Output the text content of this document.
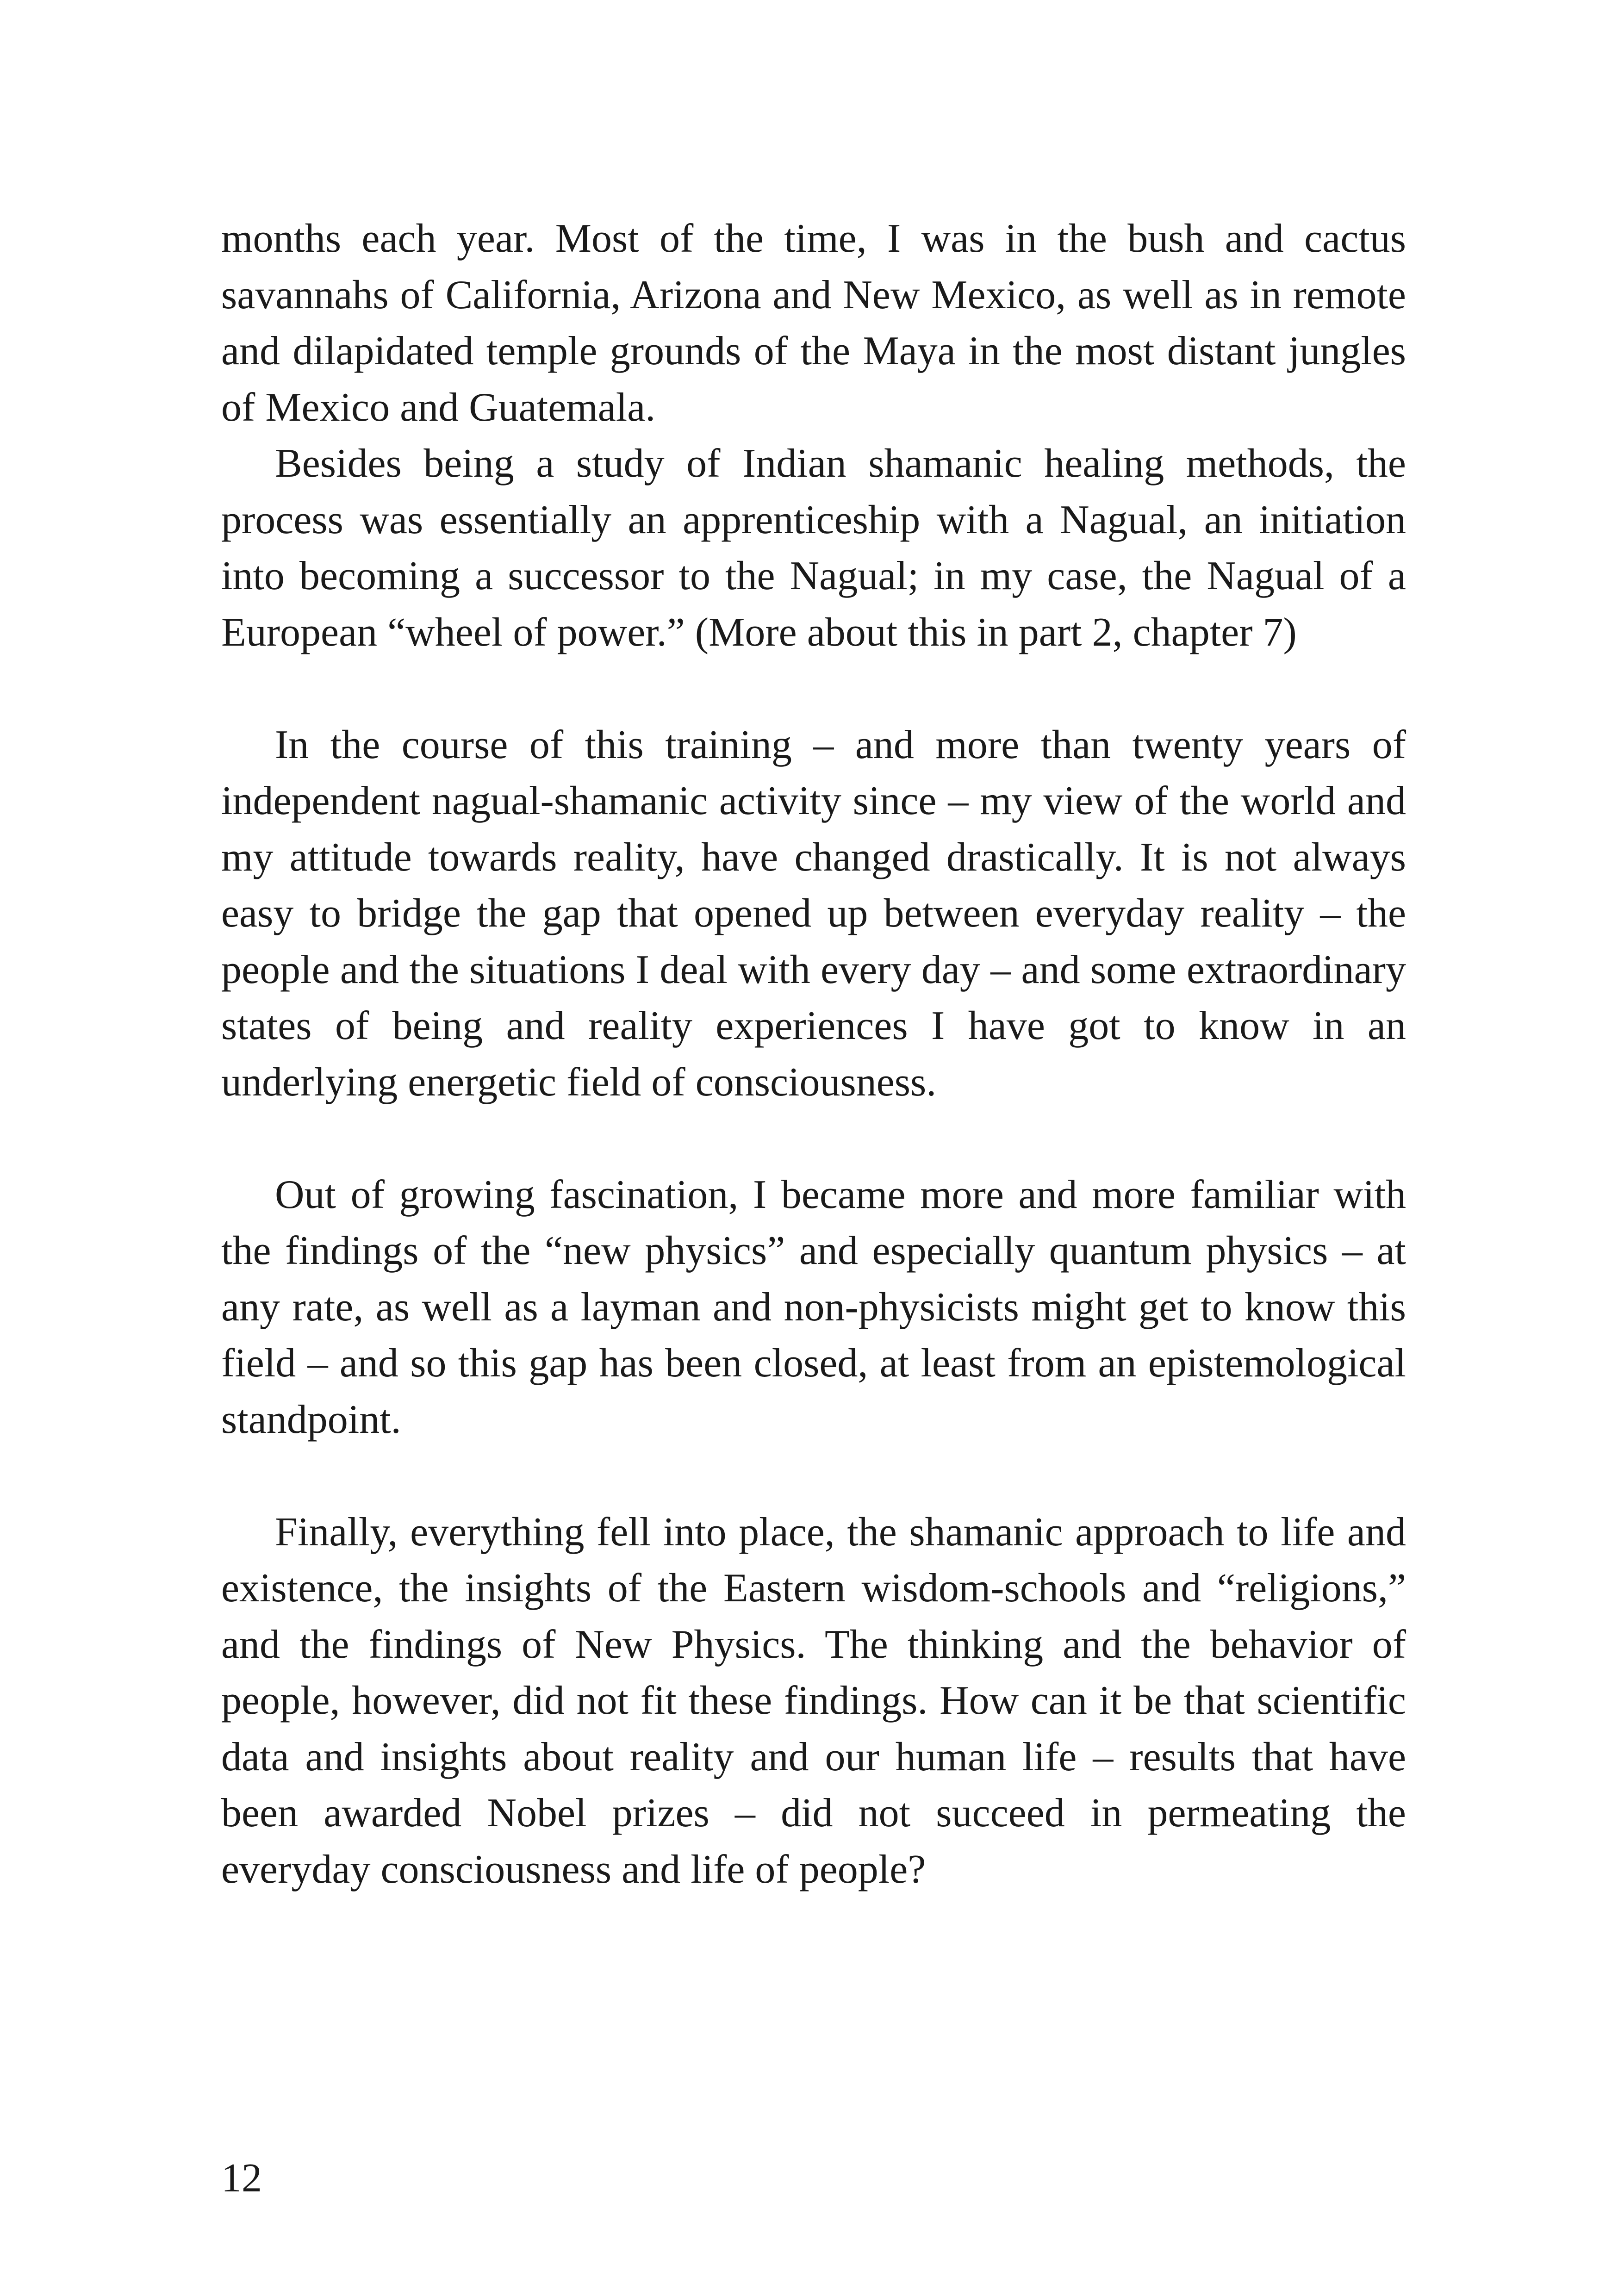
months each year. Most of the time, I was in the bush and cactus savannahs of California, Arizona and New Mexico, as well as in remote and dilapidated temple grounds of the Maya in the most distant jungles of Mexico and Guatemala.

Besides being a study of Indian shamanic healing methods, the process was essentially an apprenticeship with a Nagual, an initiation into becoming a successor to the Nagual; in my case, the Nagual of a European “wheel of power.” (More about this in part 2, chapter 7)

In the course of this training – and more than twenty years of independent nagual-shamanic activity since – my view of the world and my attitude towards reality, have changed drastically. It is not always easy to bridge the gap that opened up between everyday reality – the people and the situations I deal with every day – and some extraordinary states of being and reality experiences I have got to know in an underlying energetic field of consciousness.

Out of growing fascination, I became more and more familiar with the findings of the “new physics” and especially quantum physics – at any rate, as well as a layman and non-physicists might get to know this field – and so this gap has been closed, at least from an epistemological standpoint.

Finally, everything fell into place, the shamanic approach to life and existence, the insights of the Eastern wisdom-schools and “religions,” and the findings of New Physics. The thinking and the behavior of people, however, did not fit these findings. How can it be that scientific data and insights about reality and our human life – results that have been awarded Nobel prizes – did not succeed in permeating the everyday consciousness and life of people?

12
